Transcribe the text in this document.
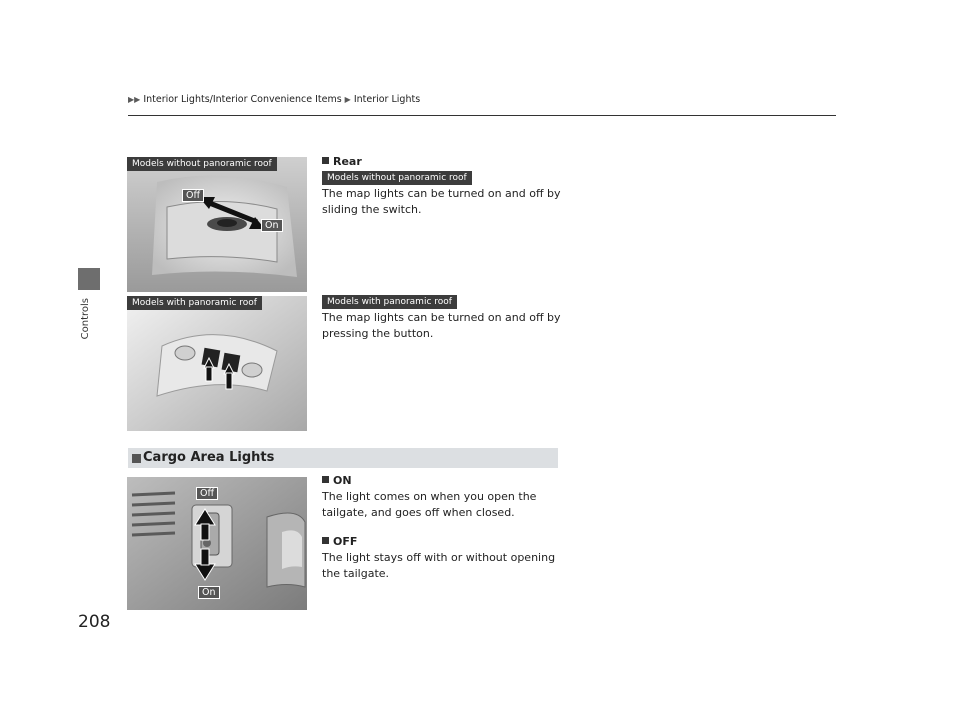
Controls
▶▶ Interior Lights/Interior Convenience Items ▶ Interior Lights
Models without panoramic roof
Off
On
Rear
Models without panoramic roof
The map lights can be turned on and off by sliding the switch.
Models with panoramic roof	Models with panoramic roof
The map lights can be turned on and off by pressing the button.
Cargo Area Lights
Off
On
ON
The light comes on when you open the tailgate, and goes off when closed.
OFF
The light stays off with or without opening the tailgate.
208
